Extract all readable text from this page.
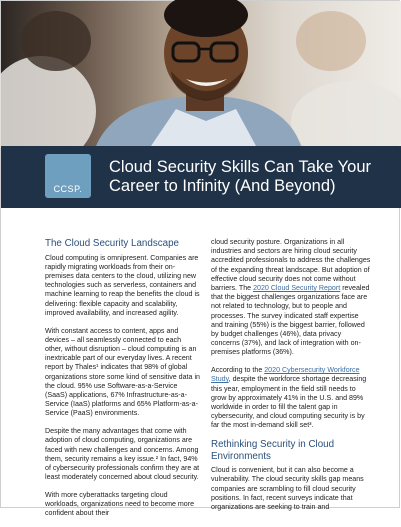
CCSP.
Cloud Security Skills Can Take Your Career to Infinity (And Beyond)
The Cloud Security Landscape

Cloud computing is omnipresent. Companies are rapidly migrating workloads from their on-premises data centers to the cloud, utilizing new technologies such as serverless, containers and machine learning to reap the benefits the cloud is delivering: flexible capacity and scalability, improved availability, and increased agility.

With constant access to content, apps and devices – all seamlessly connected to each other, without disruption – cloud computing is an inextricable part of our everyday lives. A recent report by Thales¹ indicates that 98% of global organizations store some kind of sensitive data in the cloud. 95% use Software-as-a-Service (SaaS) applications, 67% Infrastructure-as-a-Service (IaaS) platforms and 65% Platform-as-a-Service (PaaS) environments.

Despite the many advantages that come with adoption of cloud computing, organizations are faced with new challenges and concerns. Among them, security remains a key issue.² In fact, 94% of cybersecurity professionals confirm they are at least moderately concerned about cloud security.

With more cyberattacks targeting cloud workloads, organizations need to become more confident about their

cloud security posture. Organizations in all industries and sectors are hiring cloud security accredited professionals to address the challenges of the expanding threat landscape. But adoption of effective cloud security does not come without barriers. The 2020 Cloud Security Report revealed that the biggest challenges organizations face are not related to technology, but to people and processes. The survey indicated staff expertise and training (55%) is the biggest barrier, followed by budget challenges (46%), data privacy concerns (37%), and lack of integration with on-premises platforms (36%).

According to the 2020 Cybersecurity Workforce Study, despite the workforce shortage decreasing this year, employment in the field still needs to grow by approximately 41% in the U.S. and 89% worldwide in order to fill the talent gap in cybersecurity, and cloud computing security is by far the most in-demand skill set³.

Rethinking Security in Cloud Environments

Cloud is convenient, but it can also become a vulnerability. The cloud security skills gap means companies are scrambling to fill cloud security positions. In fact, recent surveys indicate that organizations are seeking to train and
